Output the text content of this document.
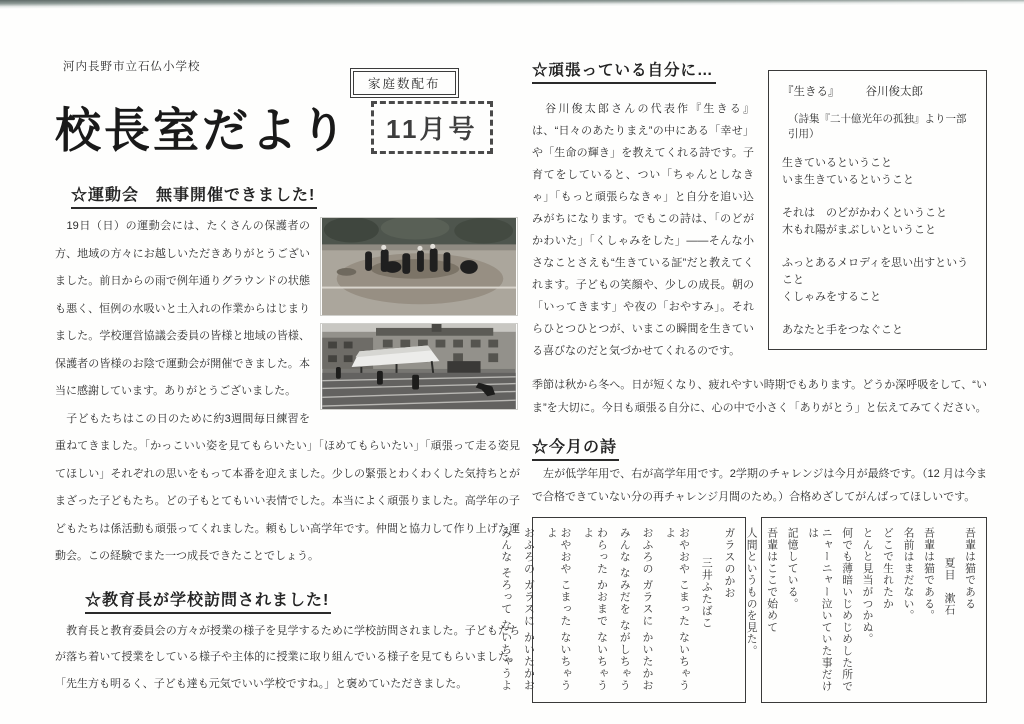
河内長野市立石仏小学校
家庭数配布
校長室だより	11月号
☆運動会　無事開催できました!

　19日（日）の運動会には、たくさんの保護者の方、地域の方々にお越しいただきありがとうございました。前日からの雨で例年通りグラウンドの状態も悪く、恒例の水吸いと土入れの作業からはじまりました。学校運営協議会委員の皆様と地域の皆様、保護者の皆様のお陰で運動会が開催できました。本当に感謝しています。ありがとうございました。

　子どもたちはこの日のために約3週間毎日練習を重ねてきました。「かっこいい姿を見てもらいたい」「ほめてもらいたい」「頑張って走る姿見てほしい」それぞれの思いをもって本番を迎えました。少しの緊張とわくわくした気持ちとがまざった子どもたち。どの子もとてもいい表情でした。本当によく頑張りました。高学年の子どもたちは係活動も頑張ってくれました。頼もしい高学年です。仲間と協力して作り上げた運動会。この経験でまた一つ成長できたことでしょう。

☆教育長が学校訪問されました!

　教育長と教育委員会の方々が授業の様子を見学するために学校訪問されました。子どもたちが落ち着いて授業をしている様子や主体的に授業に取り組んでいる様子を見てもらいました。「先生方も明るく、子ども達も元気でいい学校ですね。」と褒めていただきました。

☆頑張っている自分に…

　谷川俊太郎さんの代表作『生きる』は、“日々のあたりまえ”の中にある「幸せ」や「生命の輝き」を教えてくれる詩です。子育てをしていると、つい「ちゃんとしなきゃ」「もっと頑張らなきゃ」と自分を追い込みがちになります。でもこの詩は、「のどがかわいた」「くしゃみをした」――そんな小さなことさえも“生きている証”だと教えてくれます。子どもの笑顔や、少しの成長。朝の「いってきます」や夜の「おやすみ」。それらひとつひとつが、いまこの瞬間を生きている喜びなのだと気づかせてくれるのです。

『生きる』 谷川俊太郎
（詩集『二十億光年の孤独』より一部引用）

生きているということ

いま生きているということ

それは　のどがかわくということ

木もれ陽がまぶしいということ

ふっとあるメロディを思い出すということ

くしゃみをすること

あなたと手をつなぐこと

季節は秋から冬へ。日が短くなり、疲れやすい時期でもあります。どうか深呼吸をして、“いま”を大切に。今日も頑張る自分に、心の中で小さく「ありがとう」と伝えてみてください。

☆今月の詩

　左が低学年用で、右が高学年用です。2学期のチャレンジは今月が最終です。（12 月は今まで合格できていない分の再チャレンジ月間のため。）合格めざしてがんばってほしいです。

ガラスのかお
三井ふたばこ
おやおや こまった ないちゃうよ
おふろの ガラスに かいたかお
みんな なみだを ながしちゃう
わらった かおまで ないちゃうよ
おやおや こまった ないちゃうよ
おふろの ガラスに かいたかお
みんな そろって ないちゃうよ	吾輩は猫である
夏目　漱石
吾輩は猫である。
名前はまだない。
どこで生れたか
とんと見当がつかぬ。
何でも薄暗いじめじめした所で
ニャーニャー泣いていた事だけは
記憶している。
吾輩はここで始めて
人間というものを見た。
